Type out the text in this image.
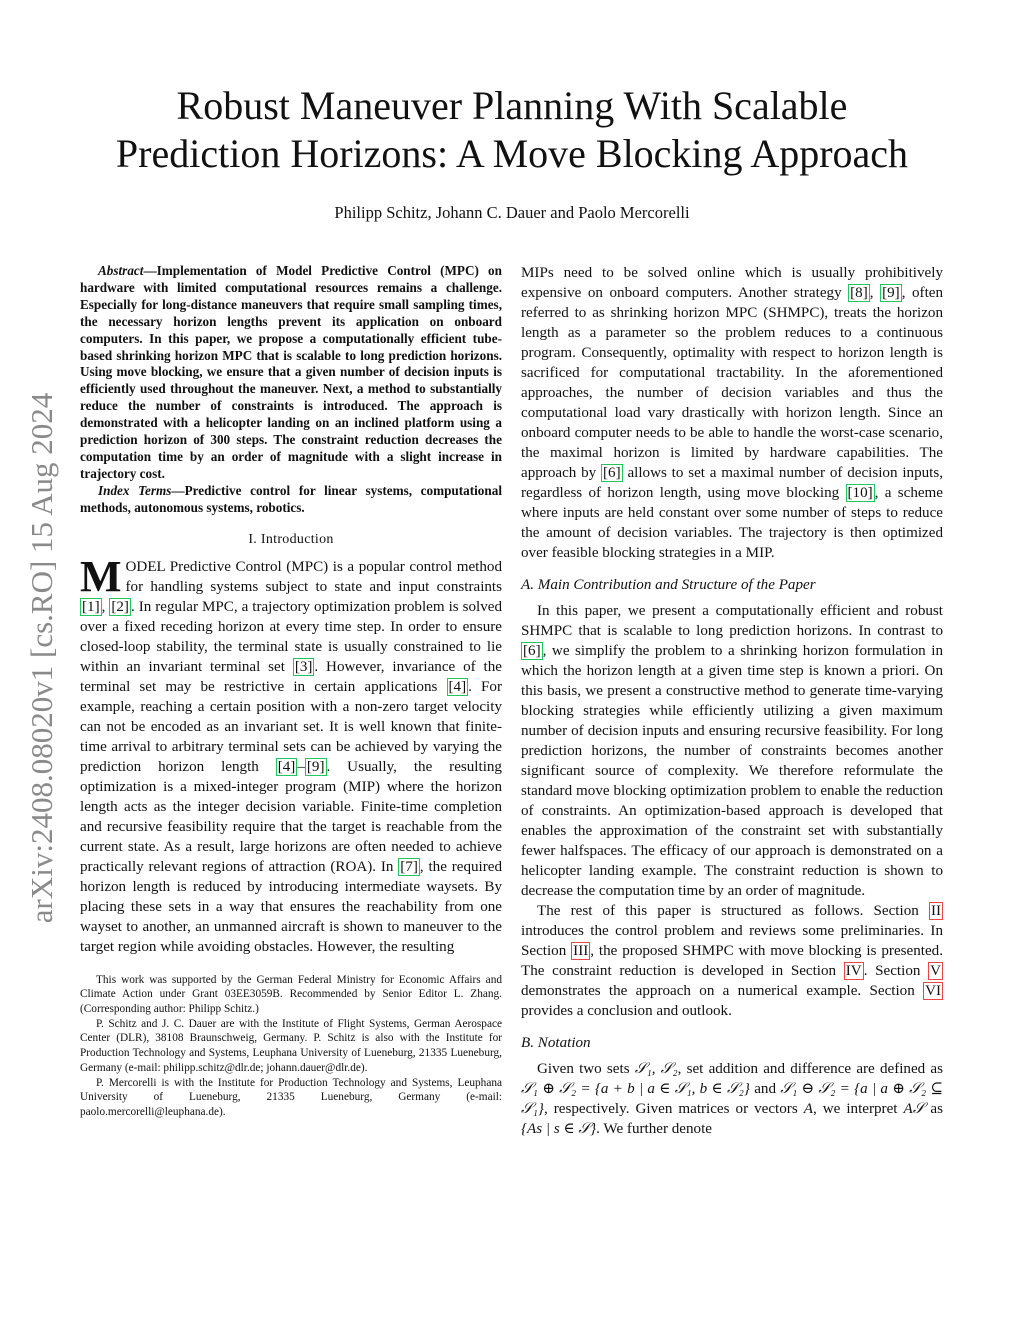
Robust Maneuver Planning With Scalable
Prediction Horizons: A Move Blocking Approach
Philipp Schitz, Johann C. Dauer and Paolo Mercorelli
arXiv:2408.08020v1 [cs.RO] 15 Aug 2024

Abstract—Implementation of Model Predictive Control (MPC) on hardware with limited computational resources remains a challenge. Especially for long-distance maneuvers that require small sampling times, the necessary horizon lengths prevent its application on onboard computers. In this paper, we propose a computationally efficient tube-based shrinking horizon MPC that is scalable to long prediction horizons. Using move blocking, we ensure that a given number of decision inputs is efficiently used throughout the maneuver. Next, a method to substantially reduce the number of constraints is introduced. The approach is demonstrated with a helicopter landing on an inclined platform using a prediction horizon of 300 steps. The constraint reduction decreases the computation time by an order of magnitude with a slight increase in trajectory cost.

Index Terms—Predictive control for linear systems, computational methods, autonomous systems, robotics.

I. Introduction

MODEL Predictive Control (MPC) is a popular control method for handling systems subject to state and input constraints [1] , [2] . In regular MPC, a trajectory optimization problem is solved over a fixed receding horizon at every time step. In order to ensure closed-loop stability, the terminal state is usually constrained to lie within an invariant terminal set [3] . However, invariance of the terminal set may be restrictive in certain applications [4] . For example, reaching a certain position with a non-zero target velocity can not be encoded as an invariant set. It is well known that finite-time arrival to arbitrary terminal sets can be achieved by varying the prediction horizon length [4] – [9] . Usually, the resulting optimization is a mixed-integer program (MIP) where the horizon length acts as the integer decision variable. Finite-time completion and recursive feasibility require that the target is reachable from the current state. As a result, large horizons are often needed to achieve practically relevant regions of attraction (ROA). In [7] , the required horizon length is reduced by introducing intermediate waysets. By placing these sets in a way that ensures the reachability from one wayset to another, an unmanned aircraft is shown to maneuver to the target region while avoiding obstacles. However, the resulting

This work was supported by the German Federal Ministry for Economic Affairs and Climate Action under Grant 03EE3059B. Recommended by Senior Editor L. Zhang. (Corresponding author: Philipp Schitz.)

P. Schitz and J. C. Dauer are with the Institute of Flight Systems, German Aerospace Center (DLR), 38108 Braunschweig, Germany. P. Schitz is also with the Institute for Production Technology and Systems, Leuphana University of Lueneburg, 21335 Lueneburg, Germany (e-mail: philipp.schitz@dlr.de; johann.dauer@dlr.de).

P. Mercorelli is with the Institute for Production Technology and Systems, Leuphana University of Lueneburg, 21335 Lueneburg, Germany (e-mail: paolo.mercorelli@leuphana.de).

MIPs need to be solved online which is usually prohibitively expensive on onboard computers. Another strategy [8] , [9] , often referred to as shrinking horizon MPC (SHMPC), treats the horizon length as a parameter so the problem reduces to a continuous program. Consequently, optimality with respect to horizon length is sacrificed for computational tractability. In the aforementioned approaches, the number of decision variables and thus the computational load vary drastically with horizon length. Since an onboard computer needs to be able to handle the worst-case scenario, the maximal horizon is limited by hardware capabilities. The approach by [6] allows to set a maximal number of decision inputs, regardless of horizon length, using move blocking [10] , a scheme where inputs are held constant over some number of steps to reduce the amount of decision variables. The trajectory is then optimized over feasible blocking strategies in a MIP.

A. Main Contribution and Structure of the Paper

In this paper, we present a computationally efficient and robust SHMPC that is scalable to long prediction horizons. In contrast to [6] , we simplify the problem to a shrinking horizon formulation in which the horizon length at a given time step is known a priori. On this basis, we present a constructive method to generate time-varying blocking strategies while efficiently utilizing a given maximum number of decision inputs and ensuring recursive feasibility. For long prediction horizons, the number of constraints becomes another significant source of complexity. We therefore reformulate the standard move blocking optimization problem to enable the reduction of constraints. An optimization-based approach is developed that enables the approximation of the constraint set with substantially fewer halfspaces. The efficacy of our approach is demonstrated on a helicopter landing example. The constraint reduction is shown to decrease the computation time by an order of magnitude.

The rest of this paper is structured as follows. Section II introduces the control problem and reviews some preliminaries. In Section III , the proposed SHMPC with move blocking is presented. The constraint reduction is developed in Section IV . Section V demonstrates the approach on a numerical example. Section VI provides a conclusion and outlook.

B. Notation

Given two sets 𝒮₁, 𝒮₂, set addition and difference are defined as 𝒮₁ ⊕ 𝒮₂ = {a + b | a ∈ 𝒮₁, b ∈ 𝒮₂} and 𝒮₁ ⊖ 𝒮₂ = {a | a ⊕ 𝒮₂ ⊆ 𝒮₁}, respectively. Given matrices or vectors A, we interpret A𝒮 as {As | s ∈ 𝒮}. We further denote
